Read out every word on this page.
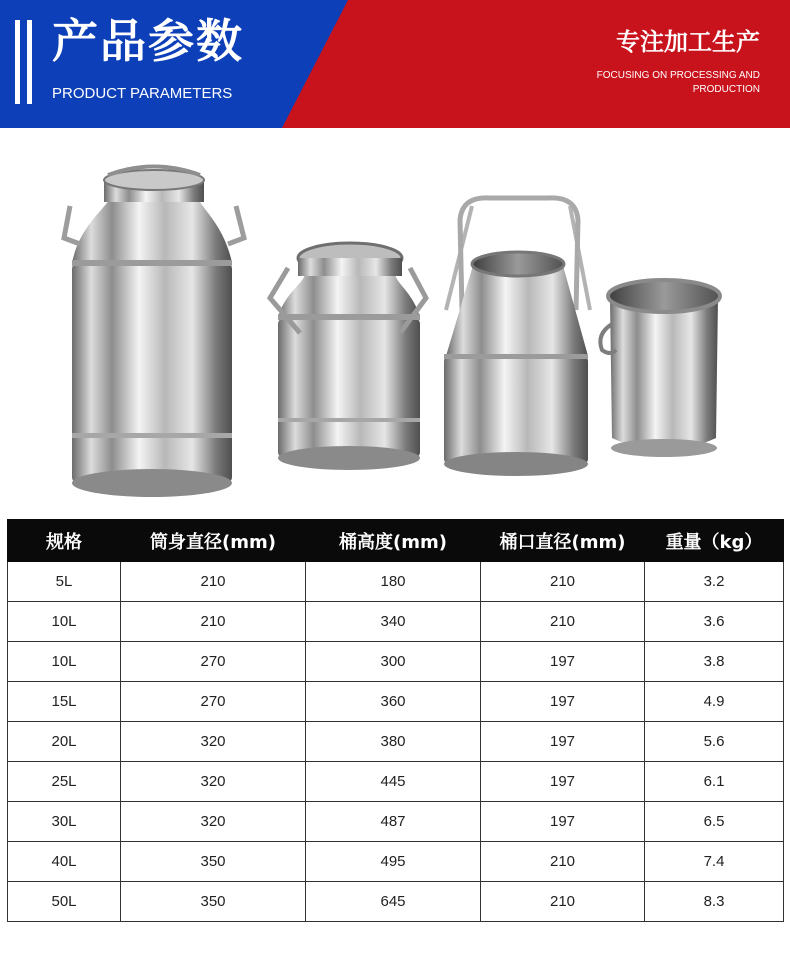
产品参数
PRODUCT PARAMETERS
专注加工生产
FOCUSING ON PROCESSING AND
PRODUCTION
规格	筒身直径(mm)	桶高度(mm)	桶口直径(mm)	重量（kg）
5L	210	180	210	3.2
10L	210	340	210	3.6
10L	270	300	197	3.8
15L	270	360	197	4.9
20L	320	380	197	5.6
25L	320	445	197	6.1
30L	320	487	197	6.5
40L	350	495	210	7.4
50L	350	645	210	8.3
